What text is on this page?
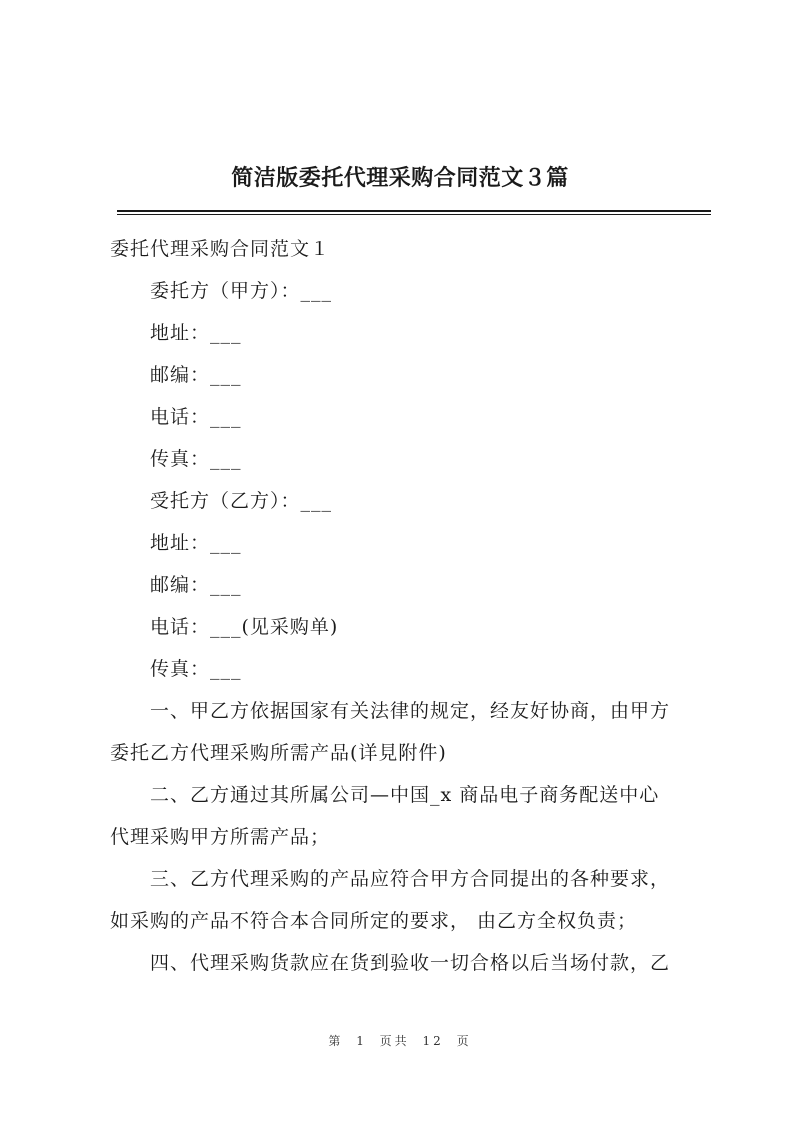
简洁版委托代理采购合同范文３篇
委托代理采购合同范文１
委托方（甲方）：___
地址：___
邮编：___
电话：___
传真：___
受托方（乙方）：___
地址：___
邮编：___
电话：___(见采购单)
传真：___
一、甲乙方依据国家有关法律的规定，经友好协商，由甲方
委托乙方代理采购所需产品(详見附件)
二、乙方通过其所属公司—中国_x 商品电子商务配送中心
代理采购甲方所需产品；
三、乙方代理采购的产品应符合甲方合同提出的各种要求，
如采购的产品不符合本合同所定的要求， 由乙方全权负责；
四、代理采购货款应在货到验收一切合格以后当场付款，乙
第 1 页共 12 页
